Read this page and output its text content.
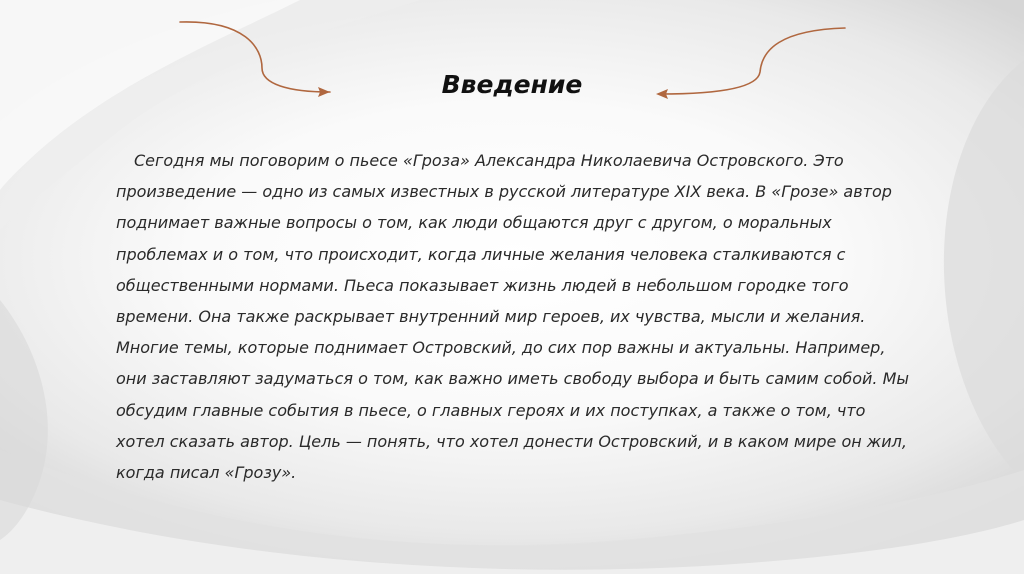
Введение

Сегодня мы поговорим о пьесе «Гроза» Александра Николаевича Островского. Это произведение — одно из самых известных в русской литературе XIX века. В «Грозе» автор поднимает важные вопросы о том, как люди общаются друг с другом, о моральных проблемах и о том, что происходит, когда личные желания человека сталкиваются с общественными нормами. Пьеса показывает жизнь людей в небольшом городке того времени. Она также раскрывает внутренний мир героев, их чувства, мысли и желания. Многие темы, которые поднимает Островский, до сих пор важны и актуальны. Например, они заставляют задуматься о том, как важно иметь свободу выбора и быть самим собой. Мы обсудим главные события в пьесе, о главных героях и их поступках, а также о том, что хотел сказать автор. Цель — понять, что хотел донести Островский, и в каком мире он жил, когда писал «Грозу».
